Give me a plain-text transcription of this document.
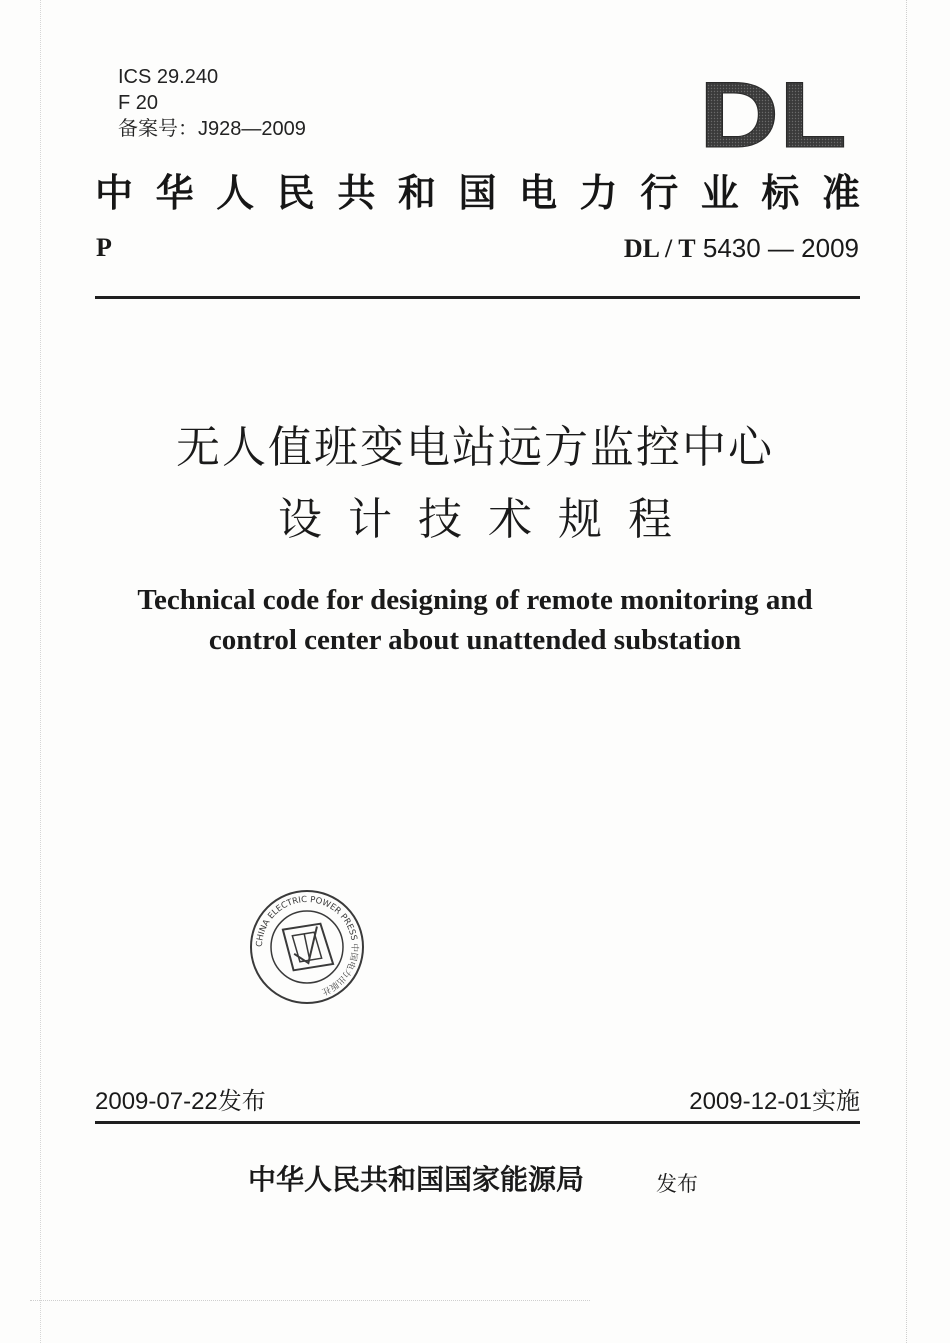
ICS 29.240
F 20
备案号：J928—2009	DL
中 华 人 民 共 和 国 电 力 行 业 标 准
P	DL / T 5430 — 2009
无人值班变电站远方监控中心
设计技术规程
Technical code for designing of remote monitoring and
control center about unattended substation
CHINA ELECTRIC POWER PRESS 中国电力出版社
2009-07-22发布	2009-12-01实施
中华人民共和国国家能源局	发布
